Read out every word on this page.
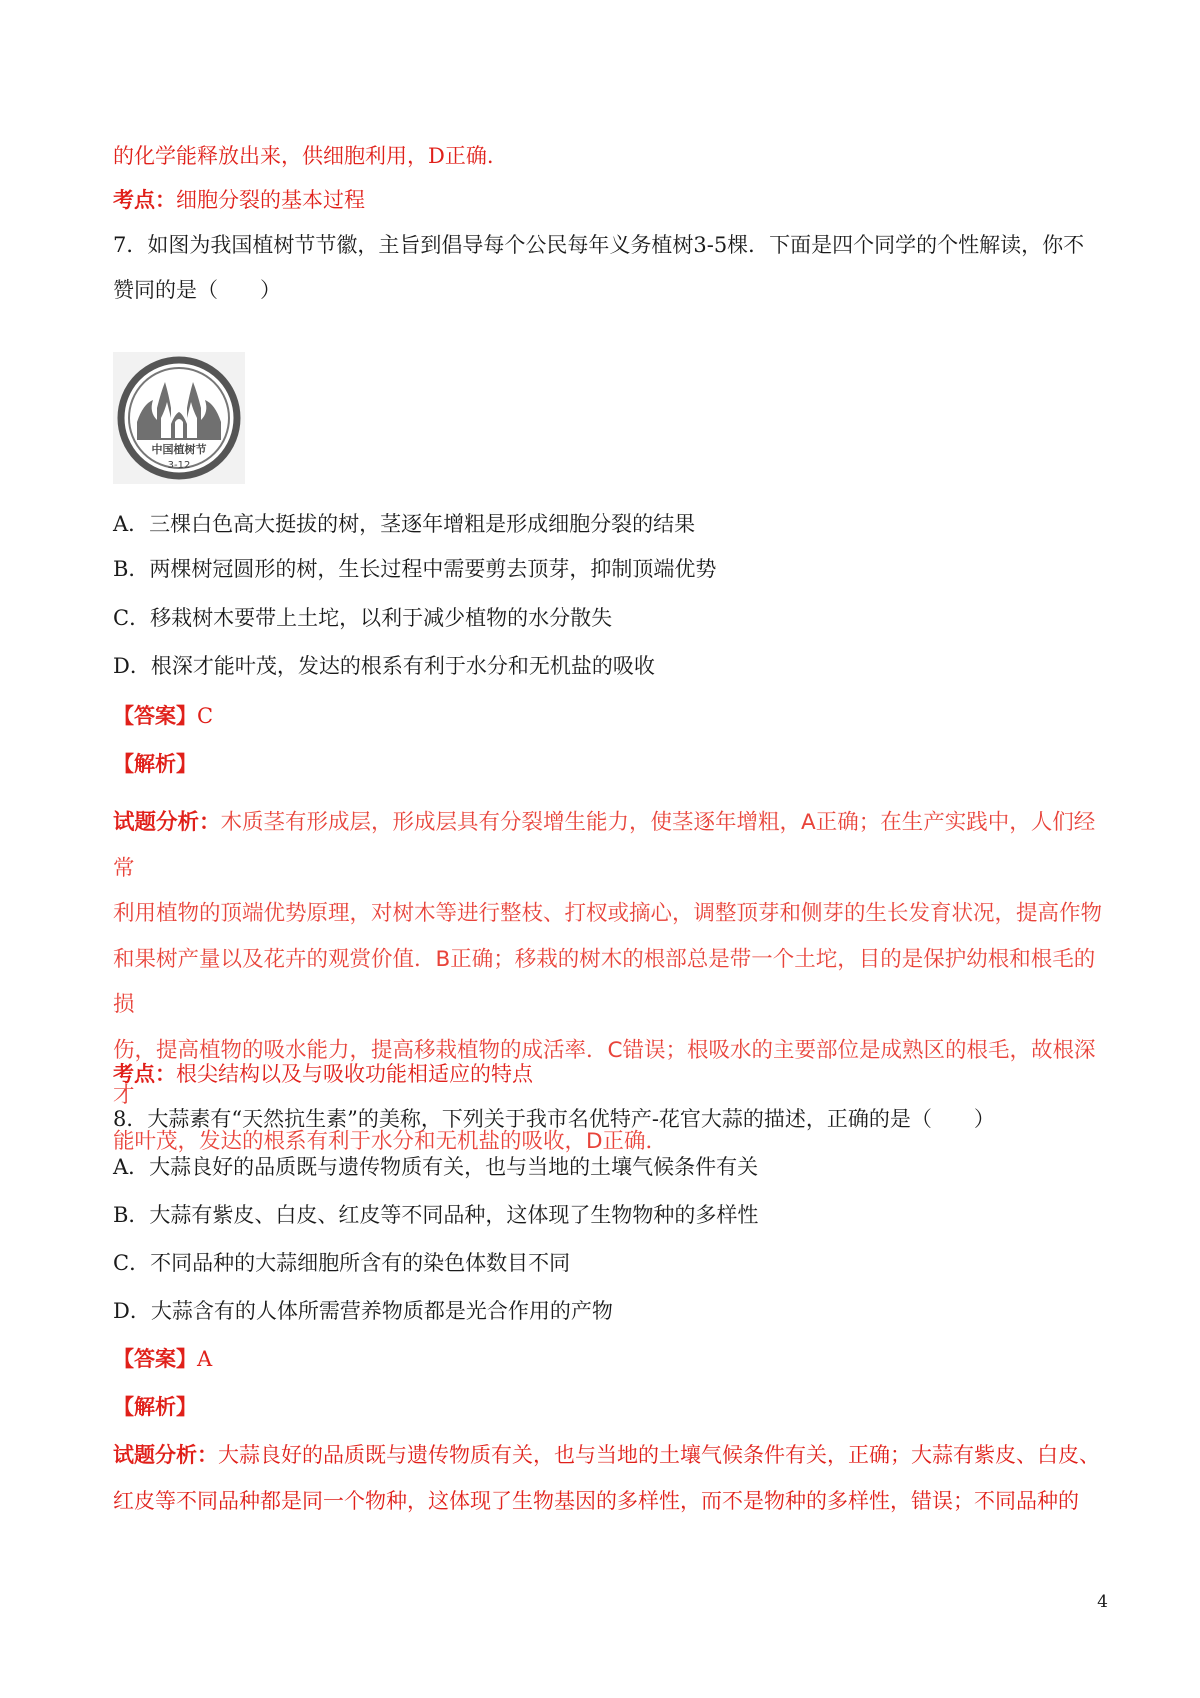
的化学能释放出来，供细胞利用，D正确.
考点：细胞分裂的基本过程
7．如图为我国植树节节徽，主旨到倡导每个公民每年义务植树3-5棵．下面是四个同学的个性解读，你不
赞同的是（　　）
中国植树节
3-12
A．三棵白色高大挺拔的树，茎逐年增粗是形成细胞分裂的结果
B．两棵树冠圆形的树，生长过程中需要剪去顶芽，抑制顶端优势
C．移栽树木要带上土坨，以利于减少植物的水分散失
D．根深才能叶茂，发达的根系有利于水分和无机盐的吸收
【答案】C
【解析】
试题分析：木质茎有形成层，形成层具有分裂增生能力，使茎逐年增粗，A正确；在生产实践中，人们经常
利用植物的顶端优势原理，对树木等进行整枝、打杈或摘心，调整顶芽和侧芽的生长发育状况，提高作物
和果树产量以及花卉的观赏价值．B正确；移栽的树木的根部总是带一个土坨，目的是保护幼根和根毛的损
伤，提高植物的吸水能力，提高移栽植物的成活率．C错误；根吸水的主要部位是成熟区的根毛，故根深才
能叶茂，发达的根系有利于水分和无机盐的吸收，D正确．
考点：根尖结构以及与吸收功能相适应的特点
8．大蒜素有“天然抗生素”的美称，下列关于我市名优特产-花官大蒜的描述，正确的是（　　）
A．大蒜良好的品质既与遗传物质有关，也与当地的土壤气候条件有关
B．大蒜有紫皮、白皮、红皮等不同品种，这体现了生物物种的多样性
C．不同品种的大蒜细胞所含有的染色体数目不同
D．大蒜含有的人体所需营养物质都是光合作用的产物
【答案】A
【解析】
试题分析：大蒜良好的品质既与遗传物质有关，也与当地的土壤气候条件有关，正确；大蒜有紫皮、白皮、
红皮等不同品种都是同一个物种，这体现了生物基因的多样性，而不是物种的多样性，错误；不同品种的
4
